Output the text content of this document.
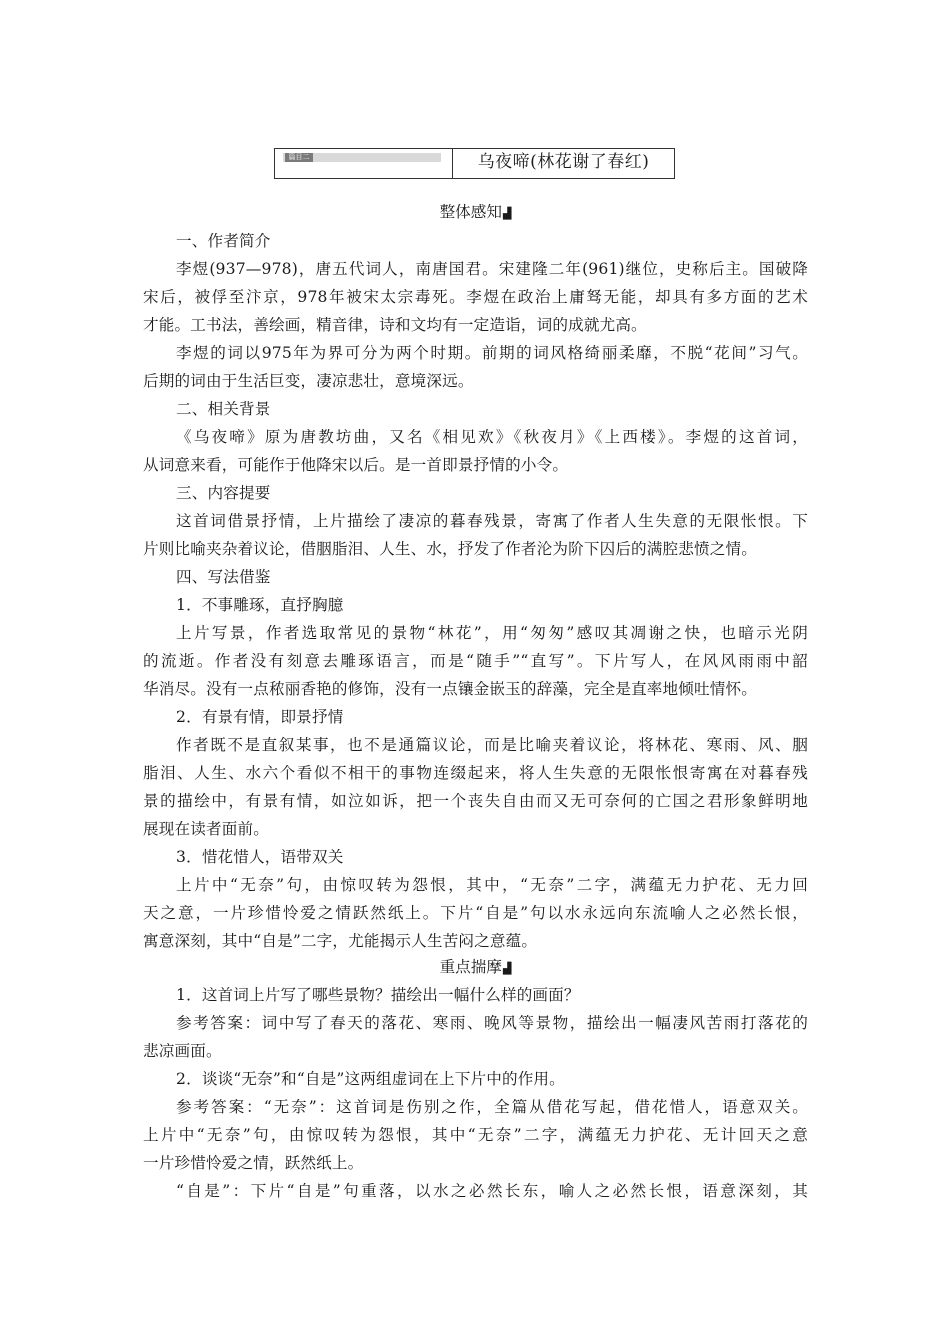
篇目二	乌夜啼(林花谢了春红)
整体感知▟
一、作者简介
李煜(937—978)，唐五代词人，南唐国君。宋建隆二年(961)继位，史称后主。国破降
宋后，被俘至汴京，978年被宋太宗毒死。李煜在政治上庸驽无能，却具有多方面的艺术
才能。工书法，善绘画，精音律，诗和文均有一定造诣，词的成就尤高。
李煜的词以975年为界可分为两个时期。前期的词风格绮丽柔靡，不脱“花间”习气。
后期的词由于生活巨变，凄凉悲壮，意境深远。
二、相关背景
《乌夜啼》原为唐教坊曲，又名《相见欢》《秋夜月》《上西楼》。李煜的这首词，
从词意来看，可能作于他降宋以后。是一首即景抒情的小令。
三、内容提要
这首词借景抒情，上片描绘了凄凉的暮春残景，寄寓了作者人生失意的无限怅恨。下
片则比喻夹杂着议论，借胭脂泪、人生、水，抒发了作者沦为阶下囚后的满腔悲愤之情。
四、写法借鉴
1．不事雕琢，直抒胸臆
上片写景，作者选取常见的景物“林花”，用“匆匆”感叹其凋谢之快，也暗示光阴
的流逝。作者没有刻意去雕琢语言，而是“随手”“直写”。下片写人，在风风雨雨中韶
华消尽。没有一点秾丽香艳的修饰，没有一点镶金嵌玉的辞藻，完全是直率地倾吐情怀。
2．有景有情，即景抒情
作者既不是直叙某事，也不是通篇议论，而是比喻夹着议论，将林花、寒雨、风、胭
脂泪、人生、水六个看似不相干的事物连缀起来，将人生失意的无限怅恨寄寓在对暮春残
景的描绘中，有景有情，如泣如诉，把一个丧失自由而又无可奈何的亡国之君形象鲜明地
展现在读者面前。
3．惜花惜人，语带双关
上片中“无奈”句，由惊叹转为怨恨，其中，“无奈”二字，满蕴无力护花、无力回
天之意，一片珍惜怜爱之情跃然纸上。下片“自是”句以水永远向东流喻人之必然长恨，
寓意深刻，其中“自是”二字，尤能揭示人生苦闷之意蕴。
重点揣摩▟
1．这首词上片写了哪些景物？描绘出一幅什么样的画面？
参考答案：词中写了春天的落花、寒雨、晚风等景物，描绘出一幅凄风苦雨打落花的
悲凉画面。
2．谈谈“无奈”和“自是”这两组虚词在上下片中的作用。
参考答案：“无奈”：这首词是伤别之作，全篇从借花写起，借花惜人，语意双关。
上片中“无奈”句，由惊叹转为怨恨，其中“无奈”二字，满蕴无力护花、无计回天之意
一片珍惜怜爱之情，跃然纸上。
“自是”：下片“自是”句重落，以水之必然长东，喻人之必然长恨，语意深刻，其
